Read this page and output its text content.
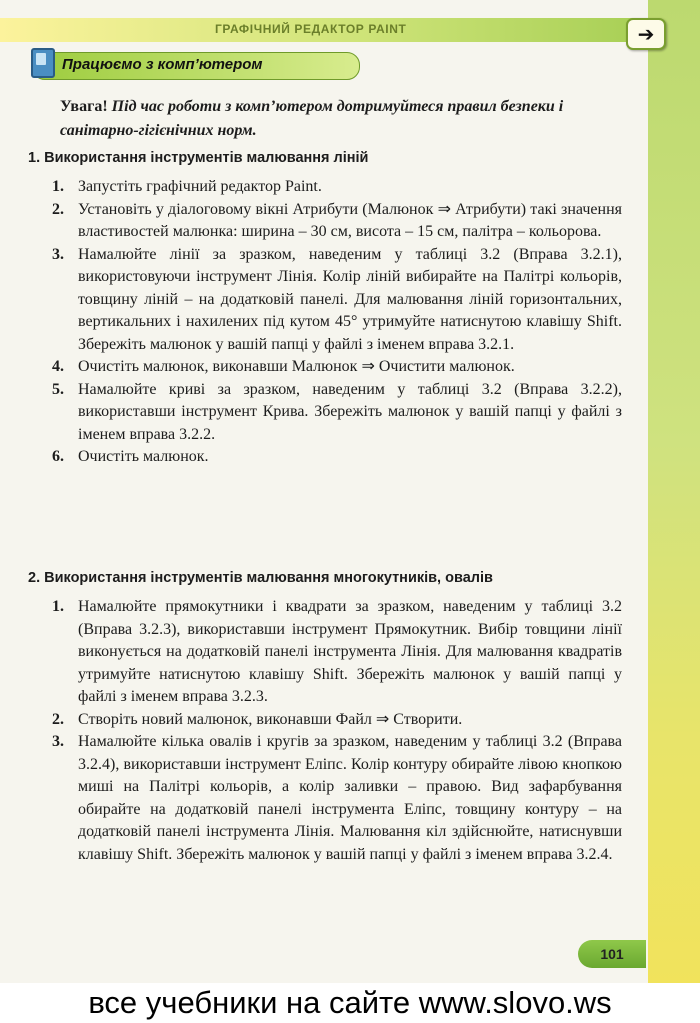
ГРАФІЧНИЙ РЕДАКТОР PAINT	➔
Працюємо з комп’ютером
Увага! Під час роботи з комп’ютером дотримуйтеся правил безпеки і санітарно-гігієнічних норм.
1. Використання інструментів малювання ліній
1. Запустіть графічний редактор Paint.
2. Установіть у діалоговому вікні Атрибути (Малюнок ⇒ Атрибути) такі значення властивостей малюнка: ширина – 30 см, висота – 15 см, палітра – кольорова.
3. Намалюйте лінії за зразком, наведеним у таблиці 3.2 (Вправа 3.2.1), використовуючи інструмент Лінія. Колір ліній вибирайте на Палітрі кольорів, товщину ліній – на додатковій панелі. Для малювання ліній горизонтальних, вертикальних і нахилених під кутом 45° утримуйте натиснутою клавішу Shift. Збережіть малюнок у вашій папці у файлі з іменем вправа 3.2.1.
4. Очистіть малюнок, виконавши Малюнок ⇒ Очистити малюнок.
5. Намалюйте криві за зразком, наведеним у таблиці 3.2 (Вправа 3.2.2), використавши інструмент Крива. Збережіть малюнок у вашій папці у файлі з іменем вправа 3.2.2.
6. Очистіть малюнок.
2. Використання інструментів малювання многокутників, овалів
1. Намалюйте прямокутники і квадрати за зразком, наведеним у таблиці 3.2 (Вправа 3.2.3), використавши інструмент Прямокутник. Вибір товщини лінії виконується на додатковій панелі інструмента Лінія. Для малювання квадратів утримуйте натиснутою клавішу Shift. Збережіть малюнок у вашій папці у файлі з іменем вправа 3.2.3.
2. Створіть новий малюнок, виконавши Файл ⇒ Створити.
3. Намалюйте кілька овалів і кругів за зразком, наведеним у таблиці 3.2 (Вправа 3.2.4), використавши інструмент Еліпс. Колір контуру обирайте лівою кнопкою миші на Палітрі кольорів, а колір заливки – правою. Вид зафарбування обирайте на додатковій панелі інструмента Еліпс, товщину контуру – на додатковій панелі інструмента Лінія. Малювання кіл здійснюйте, натиснувши клавішу Shift. Збережіть малюнок у вашій папці у файлі з іменем вправа 3.2.4.
101
все учебники на сайте www.slovo.ws
